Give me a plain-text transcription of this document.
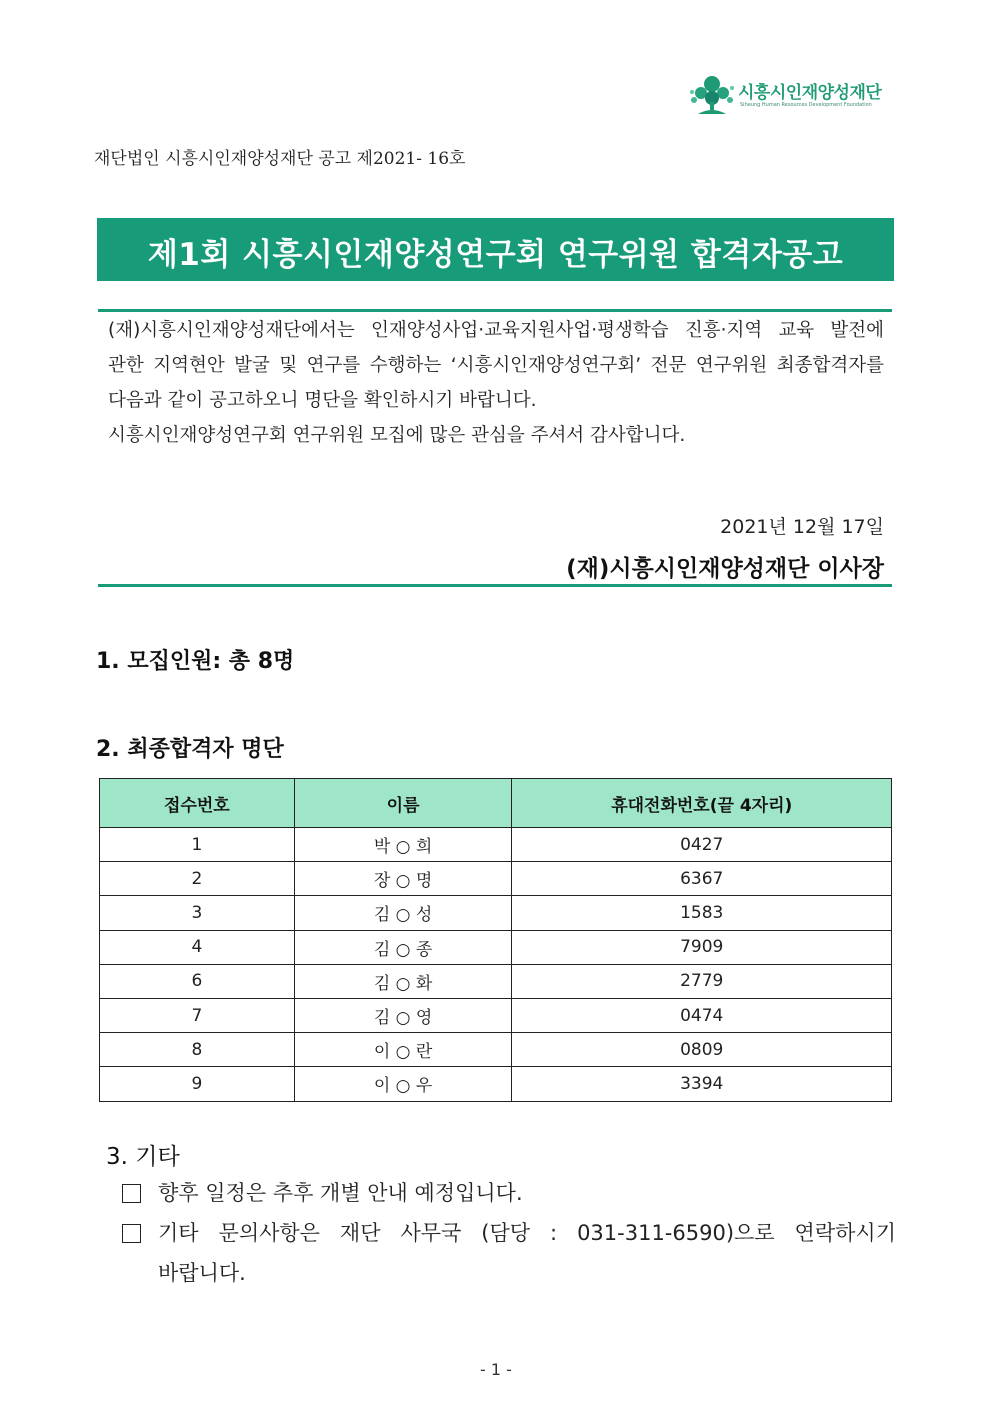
시흥시인재양성재단
Siheung Human Resources Development Foundation
재단법인 시흥시인재양성재단 공고 제2021- 16호
제1회 시흥시인재양성연구회 연구위원 합격자공고

(재)시흥시인재양성재단에서는 인재양성사업·교육지원사업·평생학습 진흥·지역 교육 발전에 관한 지역현안 발굴 및 연구를 수행하는 ‘시흥시인재양성연구회’ 전문 연구위원 최종합격자를 다음과 같이 공고하오니 명단을 확인하시기 바랍니다.

시흥시인재양성연구회 연구위원 모집에 많은 관심을 주셔서 감사합니다.

2021년 12월 17일
(재)시흥시인재양성재단 이사장
1. 모집인원: 총 8명
2. 최종합격자 명단
접수번호	이름	휴대전화번호(끝 4자리)
1	박 ○ 희	0427
2	장 ○ 명	6367
3	김 ○ 성	1583
4	김 ○ 종	7909
6	김 ○ 화	2779
7	김 ○ 영	0474
8	이 ○ 란	0809
9	이 ○ 우	3394
3. 기타
향후 일정은 추후 개별 안내 예정입니다.
기타 문의사항은 재단 사무국 (담당 : 031-311-6590)으로 연락하시기 바랍니다.
- 1 -
